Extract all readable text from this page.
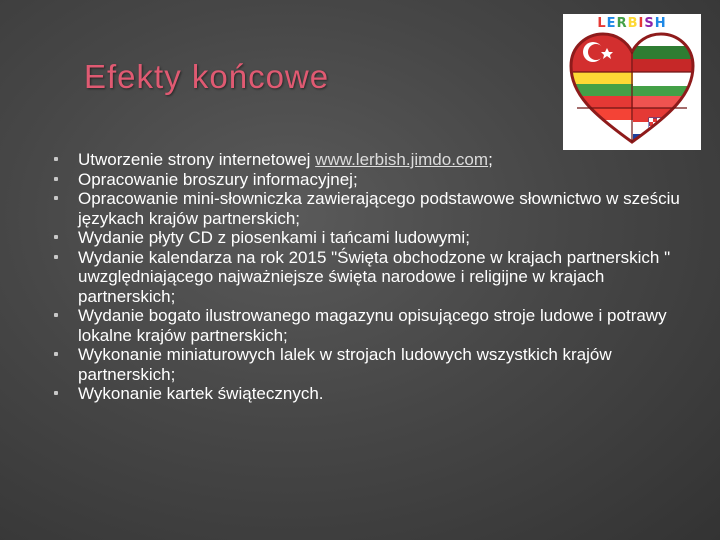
Efekty końcowe
LERBISH
Utworzenie strony internetowej www.lerbish.jimdo.com;
Opracowanie broszury informacyjnej;
Opracowanie mini-słowniczka zawierającego podstawowe słownictwo w sześciu językach krajów partnerskich;
Wydanie płyty CD z piosenkami i tańcami ludowymi;
Wydanie kalendarza na rok 2015 "Święta obchodzone w krajach partnerskich " uwzględniającego najważniejsze święta narodowe i religijne w krajach partnerskich;
Wydanie bogato ilustrowanego magazynu opisującego stroje ludowe i potrawy lokalne krajów partnerskich;
Wykonanie miniaturowych lalek w strojach ludowych wszystkich krajów partnerskich;
Wykonanie kartek świątecznych.
